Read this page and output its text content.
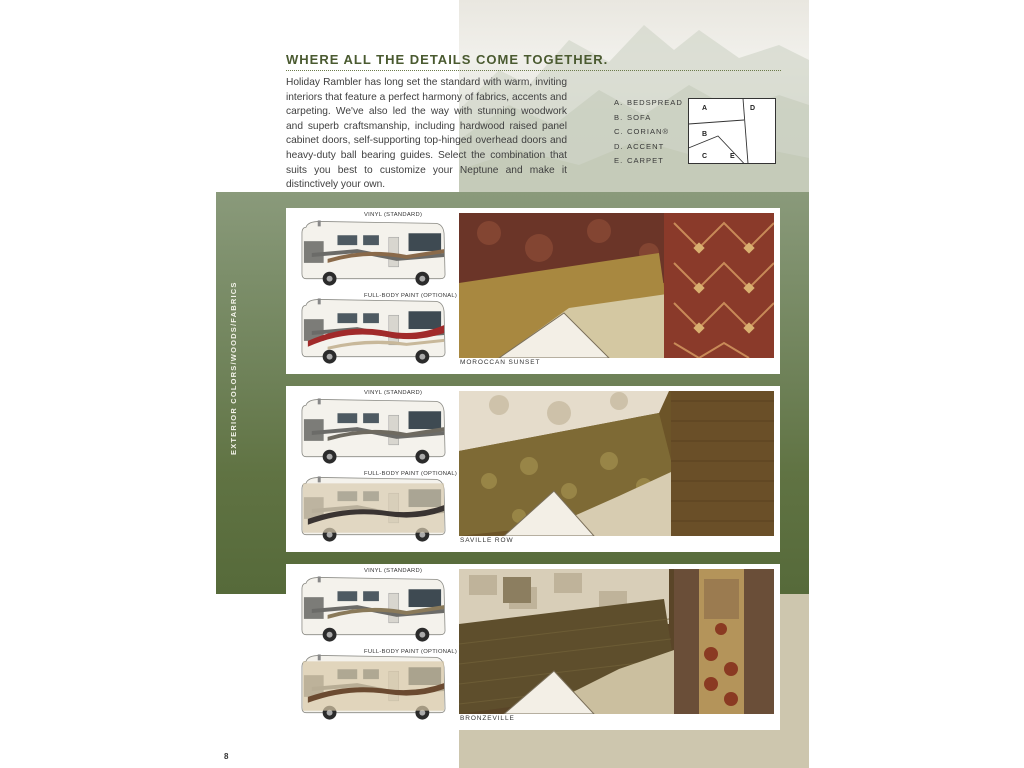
WHERE ALL THE DETAILS COME TOGETHER.

Holiday Rambler has long set the standard with warm, inviting interiors that feature a perfect harmony of fabrics, accents and carpeting. We've also led the way with stunning woodwork and superb craftsmanship, including hardwood raised panel cabinet doors, self-supporting top-hinged overhead doors and heavy-duty ball bearing guides. Select the combination that suits you best to customize your Neptune and make it distinctively your own.

A. BEDSPREAD
B. SOFA
C. CORIAN®
D. ACCENT
E. CARPET
A
B
C
D
E
EXTERIOR COLORS/WOODS/FABRICS
VINYL (STANDARD)
FULL-BODY PAINT (OPTIONAL)
MOROCCAN SUNSET
VINYL (STANDARD)
FULL-BODY PAINT (OPTIONAL)
SAVILLE ROW
VINYL (STANDARD)
FULL-BODY PAINT (OPTIONAL)
BRONZEVILLE
8
